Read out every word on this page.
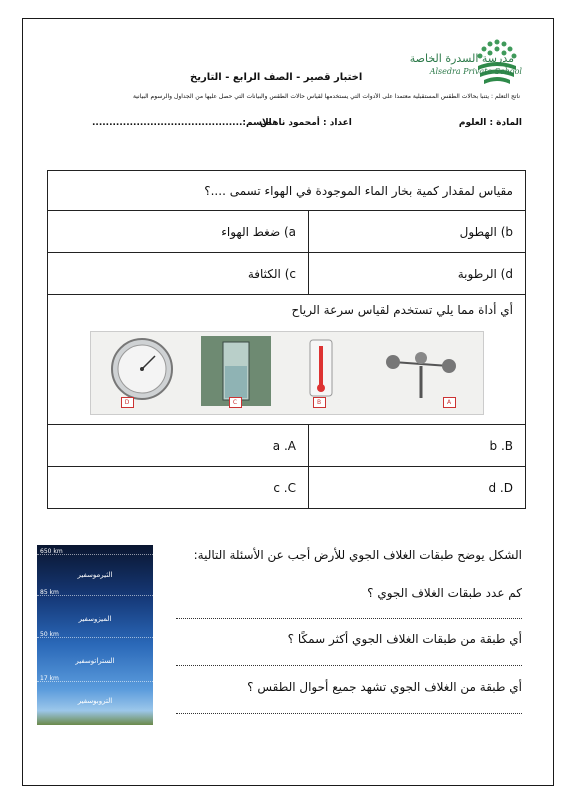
مدرسة السدرة الخاصة
Alsedra Private School
اختبار قصير - الصف الرابع - التاريخ
ناتج التعلم : يتنبأ بحالات الطقس المستقبلية معتمدا على الأدوات التي يستخدمها لقياس حالات الطقس والبيانات التي حصل عليها من الجداول والرسوم البيانية
المادة : العلوم
اعداد : أمحمود ناهض
الاسم:............................................
مقياس لمقدار كمية بخار الماء الموجودة في الهواء تسمى ....؟	
a) ضغط الهواء	b) الهطول
c) الكثافة	d) الرطوبة

أي أداة مما يلي تستخدم لقياس سرعة الرياح
D C B A	

a .A	b .B
c .C	d .D
650 km
الثيرموسفير
85 km
الميزوسفير
50 km
الستراتوسفير
17 km
التروبوسفير
الشكل يوضح طبقات الغلاف الجوي للأرض أجب عن الأسئلة التالية:
كم عدد طبقات الغلاف الجوي ؟
أي طبقة من طبقات الغلاف الجوي أكثر سمكًا ؟
أي طبقة من الغلاف الجوي تشهد جميع أحوال الطقس ؟
